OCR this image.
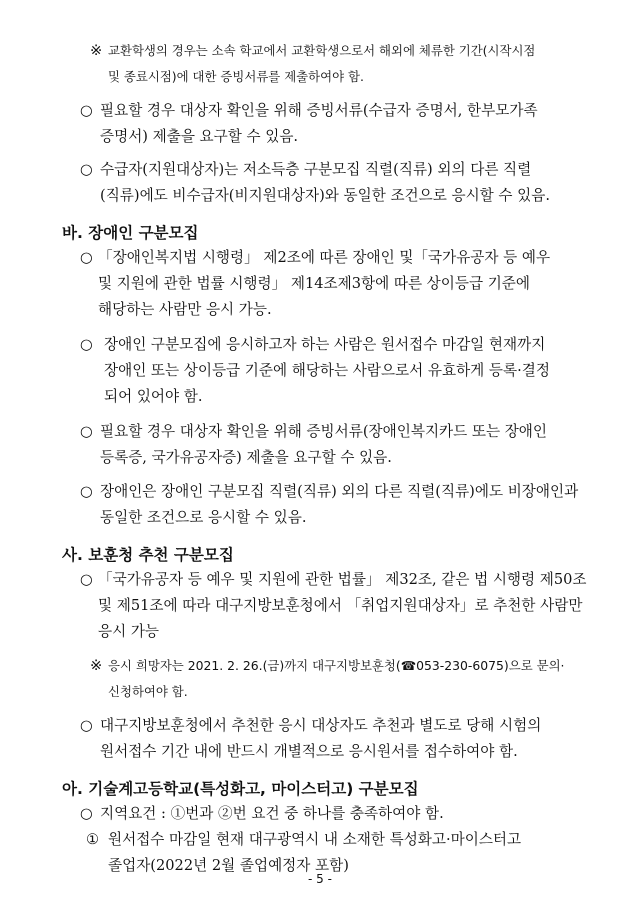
※ 교환학생의 경우는 소속 학교에서 교환학생으로서 해외에 체류한 기간(시작시점
및 종료시점)에 대한 증빙서류를 제출하여야 함.
○ 필요할 경우 대상자 확인을 위해 증빙서류(수급자 증명서, 한부모가족
증명서) 제출을 요구할 수 있음.
○ 수급자(지원대상자)는 저소득층 구분모집 직렬(직류) 외의 다른 직렬
(직류)에도 비수급자(비지원대상자)와 동일한 조건으로 응시할 수 있음.
바. 장애인 구분모집
○ 「장애인복지법 시행령」 제2조에 따른 장애인 및「국가유공자 등 예우
및 지원에 관한 법률 시행령」 제14조제3항에 따른 상이등급 기준에
해당하는 사람만 응시 가능.
○ 장애인 구분모집에 응시하고자 하는 사람은 원서접수 마감일 현재까지
장애인 또는 상이등급 기준에 해당하는 사람으로서 유효하게 등록·결정
되어 있어야 함.
○ 필요할 경우 대상자 확인을 위해 증빙서류(장애인복지카드 또는 장애인
등록증, 국가유공자증) 제출을 요구할 수 있음.
○ 장애인은 장애인 구분모집 직렬(직류) 외의 다른 직렬(직류)에도 비장애인과
동일한 조건으로 응시할 수 있음.
사. 보훈청 추천 구분모집
○ 「국가유공자 등 예우 및 지원에 관한 법률」 제32조, 같은 법 시행령 제50조
및 제51조에 따라 대구지방보훈청에서 「취업지원대상자」로 추천한 사람만
응시 가능
※ 응시 희망자는 2021. 2. 26.(금)까지 대구지방보훈청(☎053-230-6075)으로 문의·
신청하여야 함.
○ 대구지방보훈청에서 추천한 응시 대상자도 추천과 별도로 당해 시험의
원서접수 기간 내에 반드시 개별적으로 응시원서를 접수하여야 함.
아. 기술계고등학교(특성화고, 마이스터고) 구분모집
○ 지역요건 : ①번과 ②번 요건 중 하나를 충족하여야 함.
① 원서접수 마감일 현재 대구광역시 내 소재한 특성화고·마이스터고
졸업자(2022년 2월 졸업예정자 포함)
- 5 -
